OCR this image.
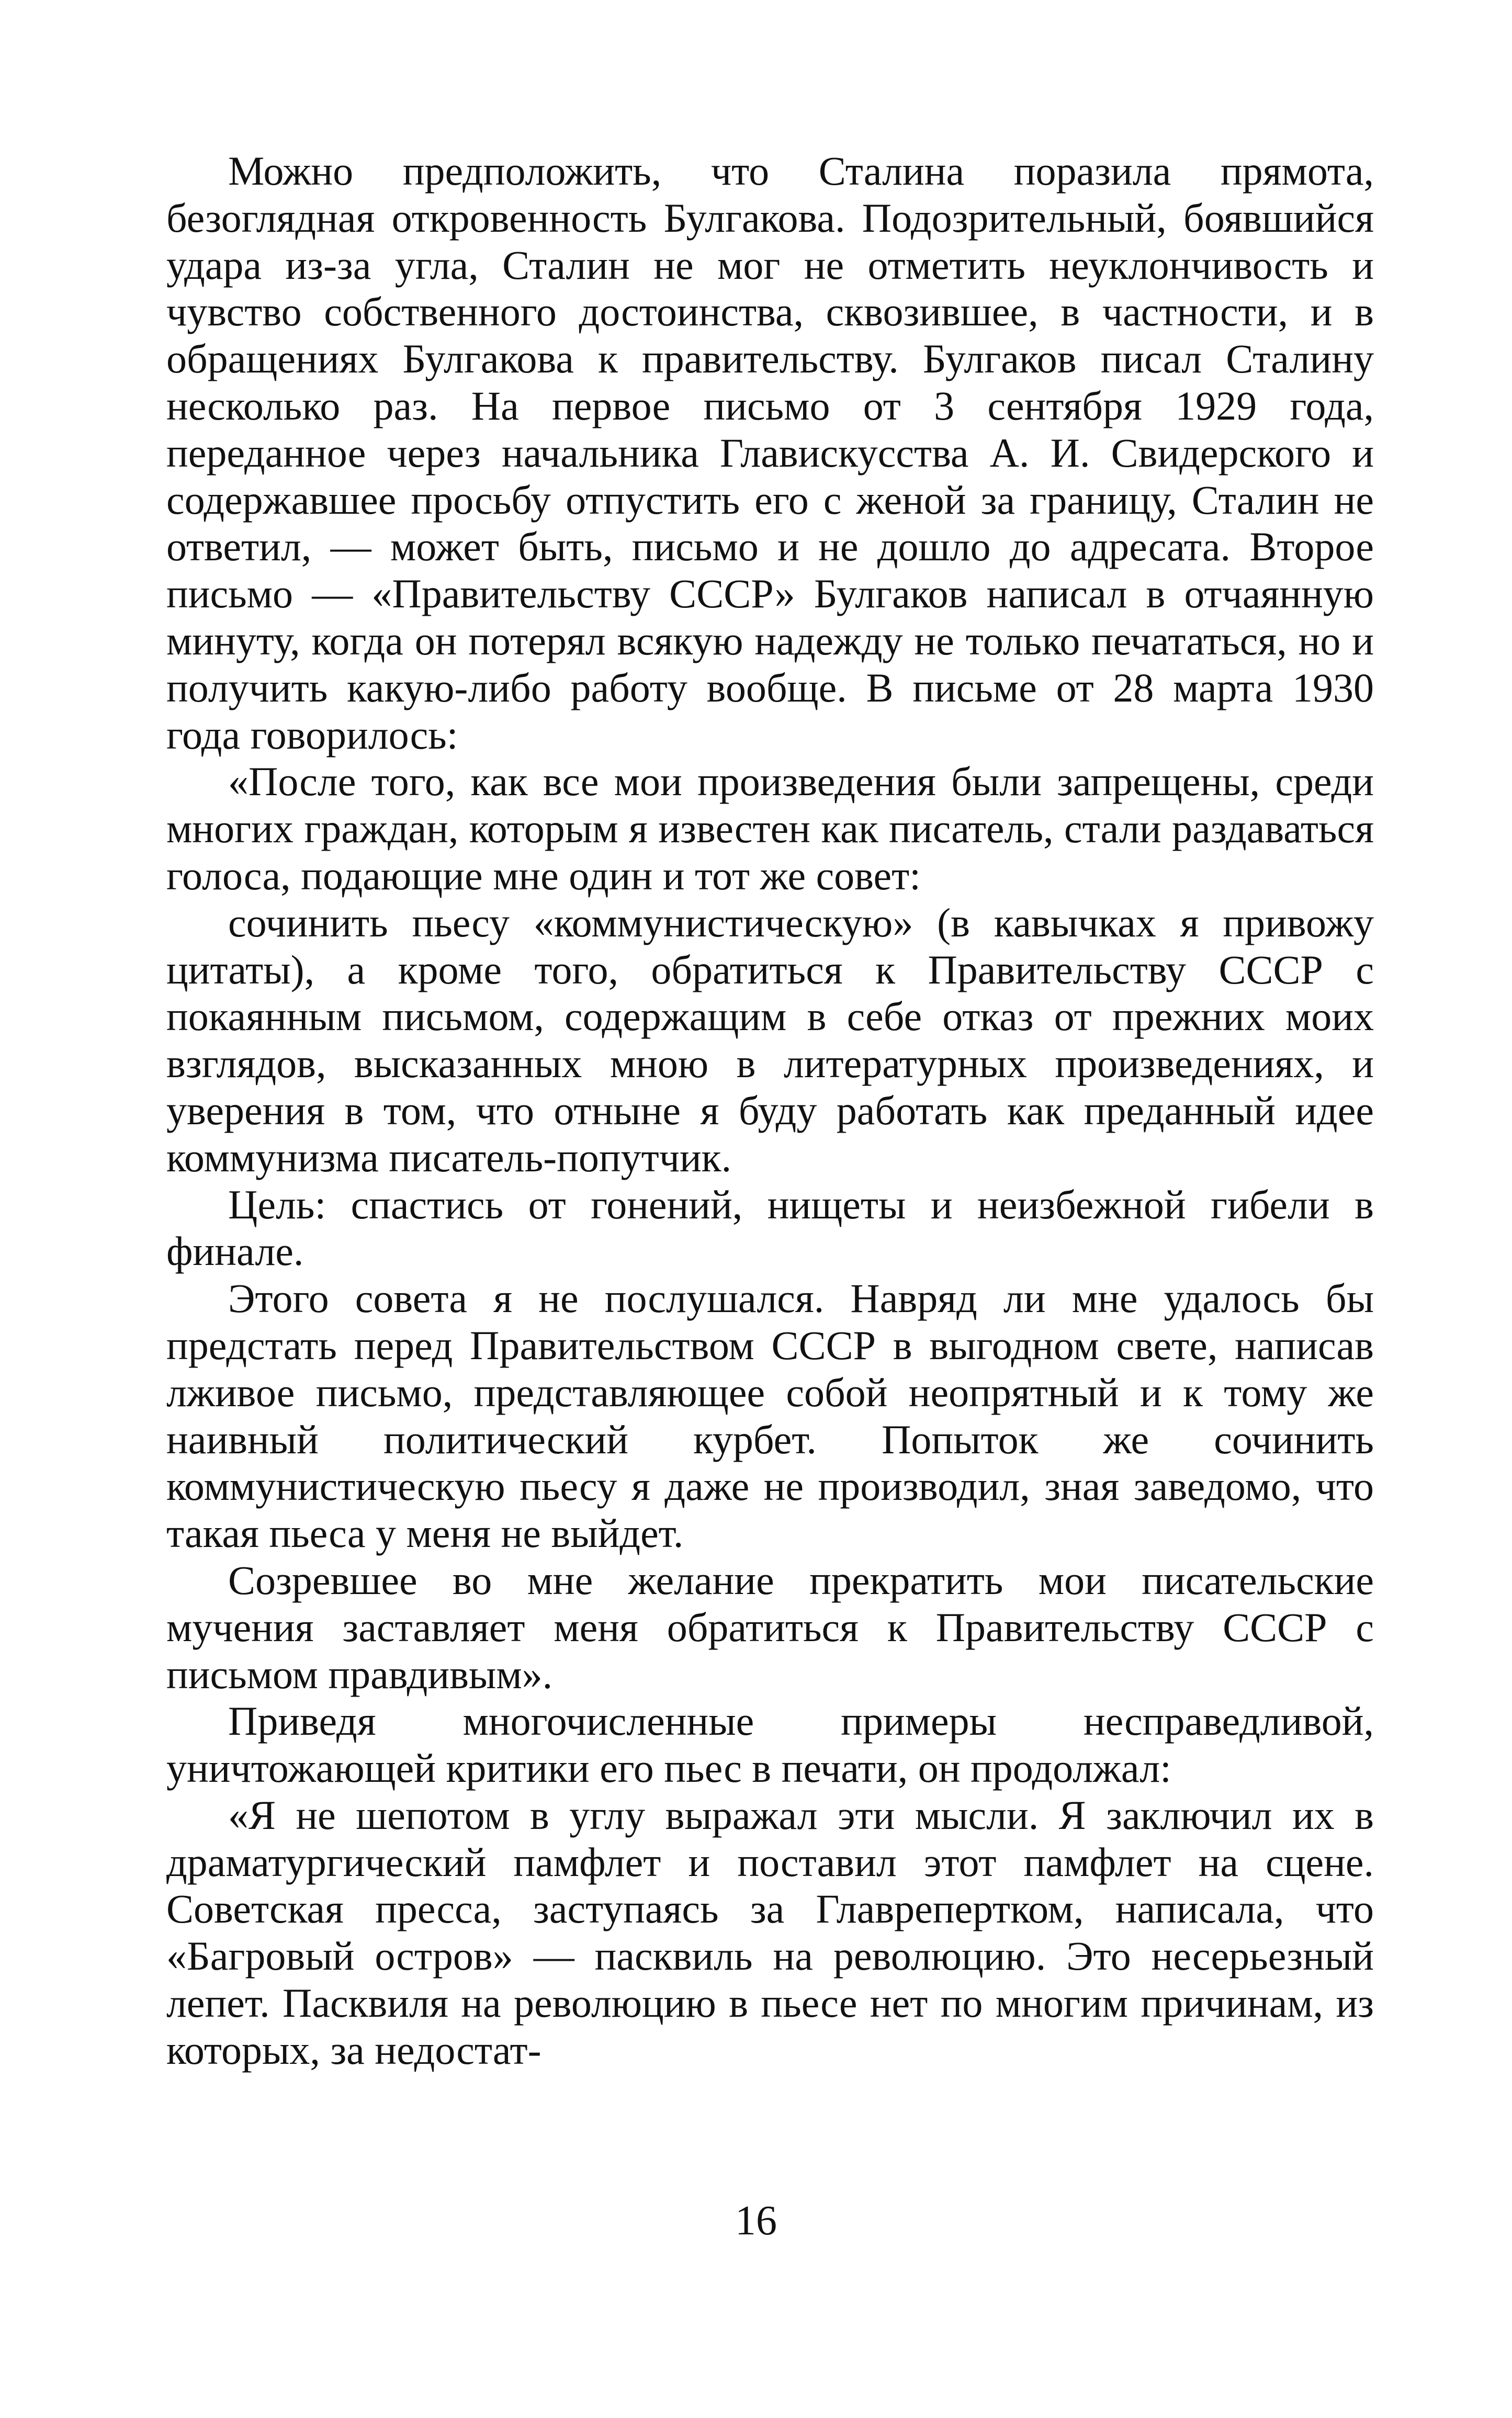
Можно предположить, что Сталина поразила прямота, безоглядная откровенность Булгакова. Подозрительный, боявшийся удара из-за угла, Сталин не мог не отметить неуклончивость и чувство собственного достоинства, сквозившее, в частности, и в обращениях Булгакова к правительству. Булгаков писал Сталину несколько раз. На первое письмо от 3 сентября 1929 года, переданное через начальника Главискусства А. И. Свидерского и содержавшее просьбу отпустить его с женой за границу, Сталин не ответил, — может быть, письмо и не дошло до адресата. Второе письмо — «Правительству СССР» Булгаков написал в отчаянную минуту, когда он потерял всякую надежду не только печататься, но и получить какую-либо работу вообще. В письме от 28 марта 1930 года говорилось:

«После того, как все мои произведения были запрещены, среди многих граждан, которым я известен как писатель, стали раздаваться голоса, подающие мне один и тот же совет:

сочинить пьесу «коммунистическую» (в кавычках я привожу цитаты), а кроме того, обратиться к Правительству СССР с покаянным письмом, содержащим в себе отказ от прежних моих взглядов, высказанных мною в литературных произведениях, и уверения в том, что отныне я буду работать как преданный идее коммунизма писатель-попутчик.

Цель: спастись от гонений, нищеты и неизбежной гибели в финале.

Этого совета я не послушался. Навряд ли мне удалось бы предстать перед Правительством СССР в выгодном свете, написав лживое письмо, представляющее собой неопрятный и к тому же наивный политический курбет. Попыток же сочинить коммунистическую пьесу я даже не производил, зная заведомо, что такая пьеса у меня не выйдет.

Созревшее во мне желание прекратить мои писательские мучения заставляет меня обратиться к Правительству СССР с письмом правдивым».

Приведя многочисленные примеры несправедливой, уничтожающей критики его пьес в печати, он продолжал:

«Я не шепотом в углу выражал эти мысли. Я заключил их в драматургический памфлет и поставил этот памфлет на сцене. Советская пресса, заступаясь за Главрепертком, написала, что «Багровый остров» — пасквиль на революцию. Это несерьезный лепет. Пасквиля на революцию в пьесе нет по многим причинам, из которых, за недостат-

16
